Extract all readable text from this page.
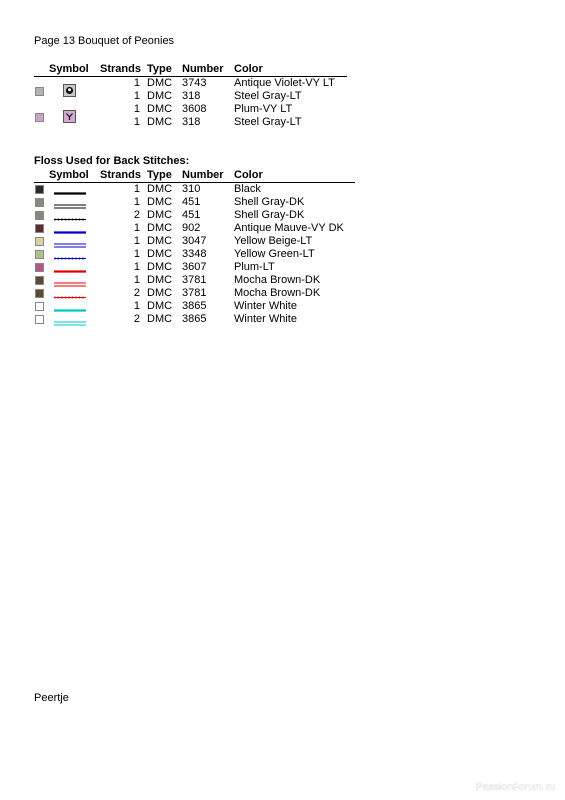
Page 13 Bouquet of Peonies
Symbol Strands Type Number Color
1 DMC 3743	Antique Violet-VY LT
1 DMC 318	Steel Gray-LT
1 DMC 3608	Plum-VY LT
1 DMC 318	Steel Gray-LT
Floss Used for Back Stitches:
Symbol Strands Type Number Color
1 DMC 310	Black
1 DMC 451	Shell Gray-DK
2 DMC 451	Shell Gray-DK
1 DMC 902	Antique Mauve-VY DK
1 DMC 3047	Yellow Beige-LT
1 DMC 3348	Yellow Green-LT
1 DMC 3607	Plum-LT
1 DMC 3781	Mocha Brown-DK
2 DMC 3781	Mocha Brown-DK
1 DMC 3865	Winter White
2 DMC 3865	Winter White
Peertje
PassionForum.ru
